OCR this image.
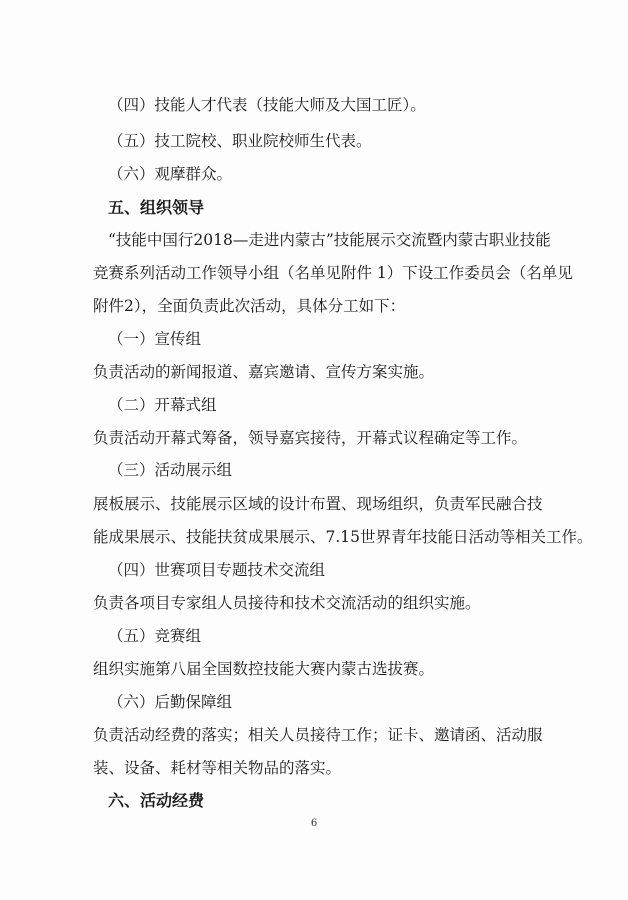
（四）技能人才代表（技能大师及大国工匠）。

（五）技工院校、职业院校师生代表。

（六）观摩群众。

五、组织领导

“技能中国行2018—走进内蒙古”技能展示交流暨内蒙古职业技能

竞赛系列活动工作领导小组（名单见附件 1）下设工作委员会（名单见

附件2），全面负责此次活动，具体分工如下：

（一）宣传组

负责活动的新闻报道、嘉宾邀请、宣传方案实施。

（二）开幕式组

负责活动开幕式筹备，领导嘉宾接待，开幕式议程确定等工作。

（三）活动展示组

展板展示、技能展示区域的设计布置、现场组织，负责军民融合技

能成果展示、技能扶贫成果展示、7.15世界青年技能日活动等相关工作。

（四）世赛项目专题技术交流组

负责各项目专家组人员接待和技术交流活动的组织实施。

（五）竞赛组

组织实施第八届全国数控技能大赛内蒙古选拔赛。

（六）后勤保障组

负责活动经费的落实；相关人员接待工作；证卡、邀请函、活动服

装、设备、耗材等相关物品的落实。

六、活动经费

6
